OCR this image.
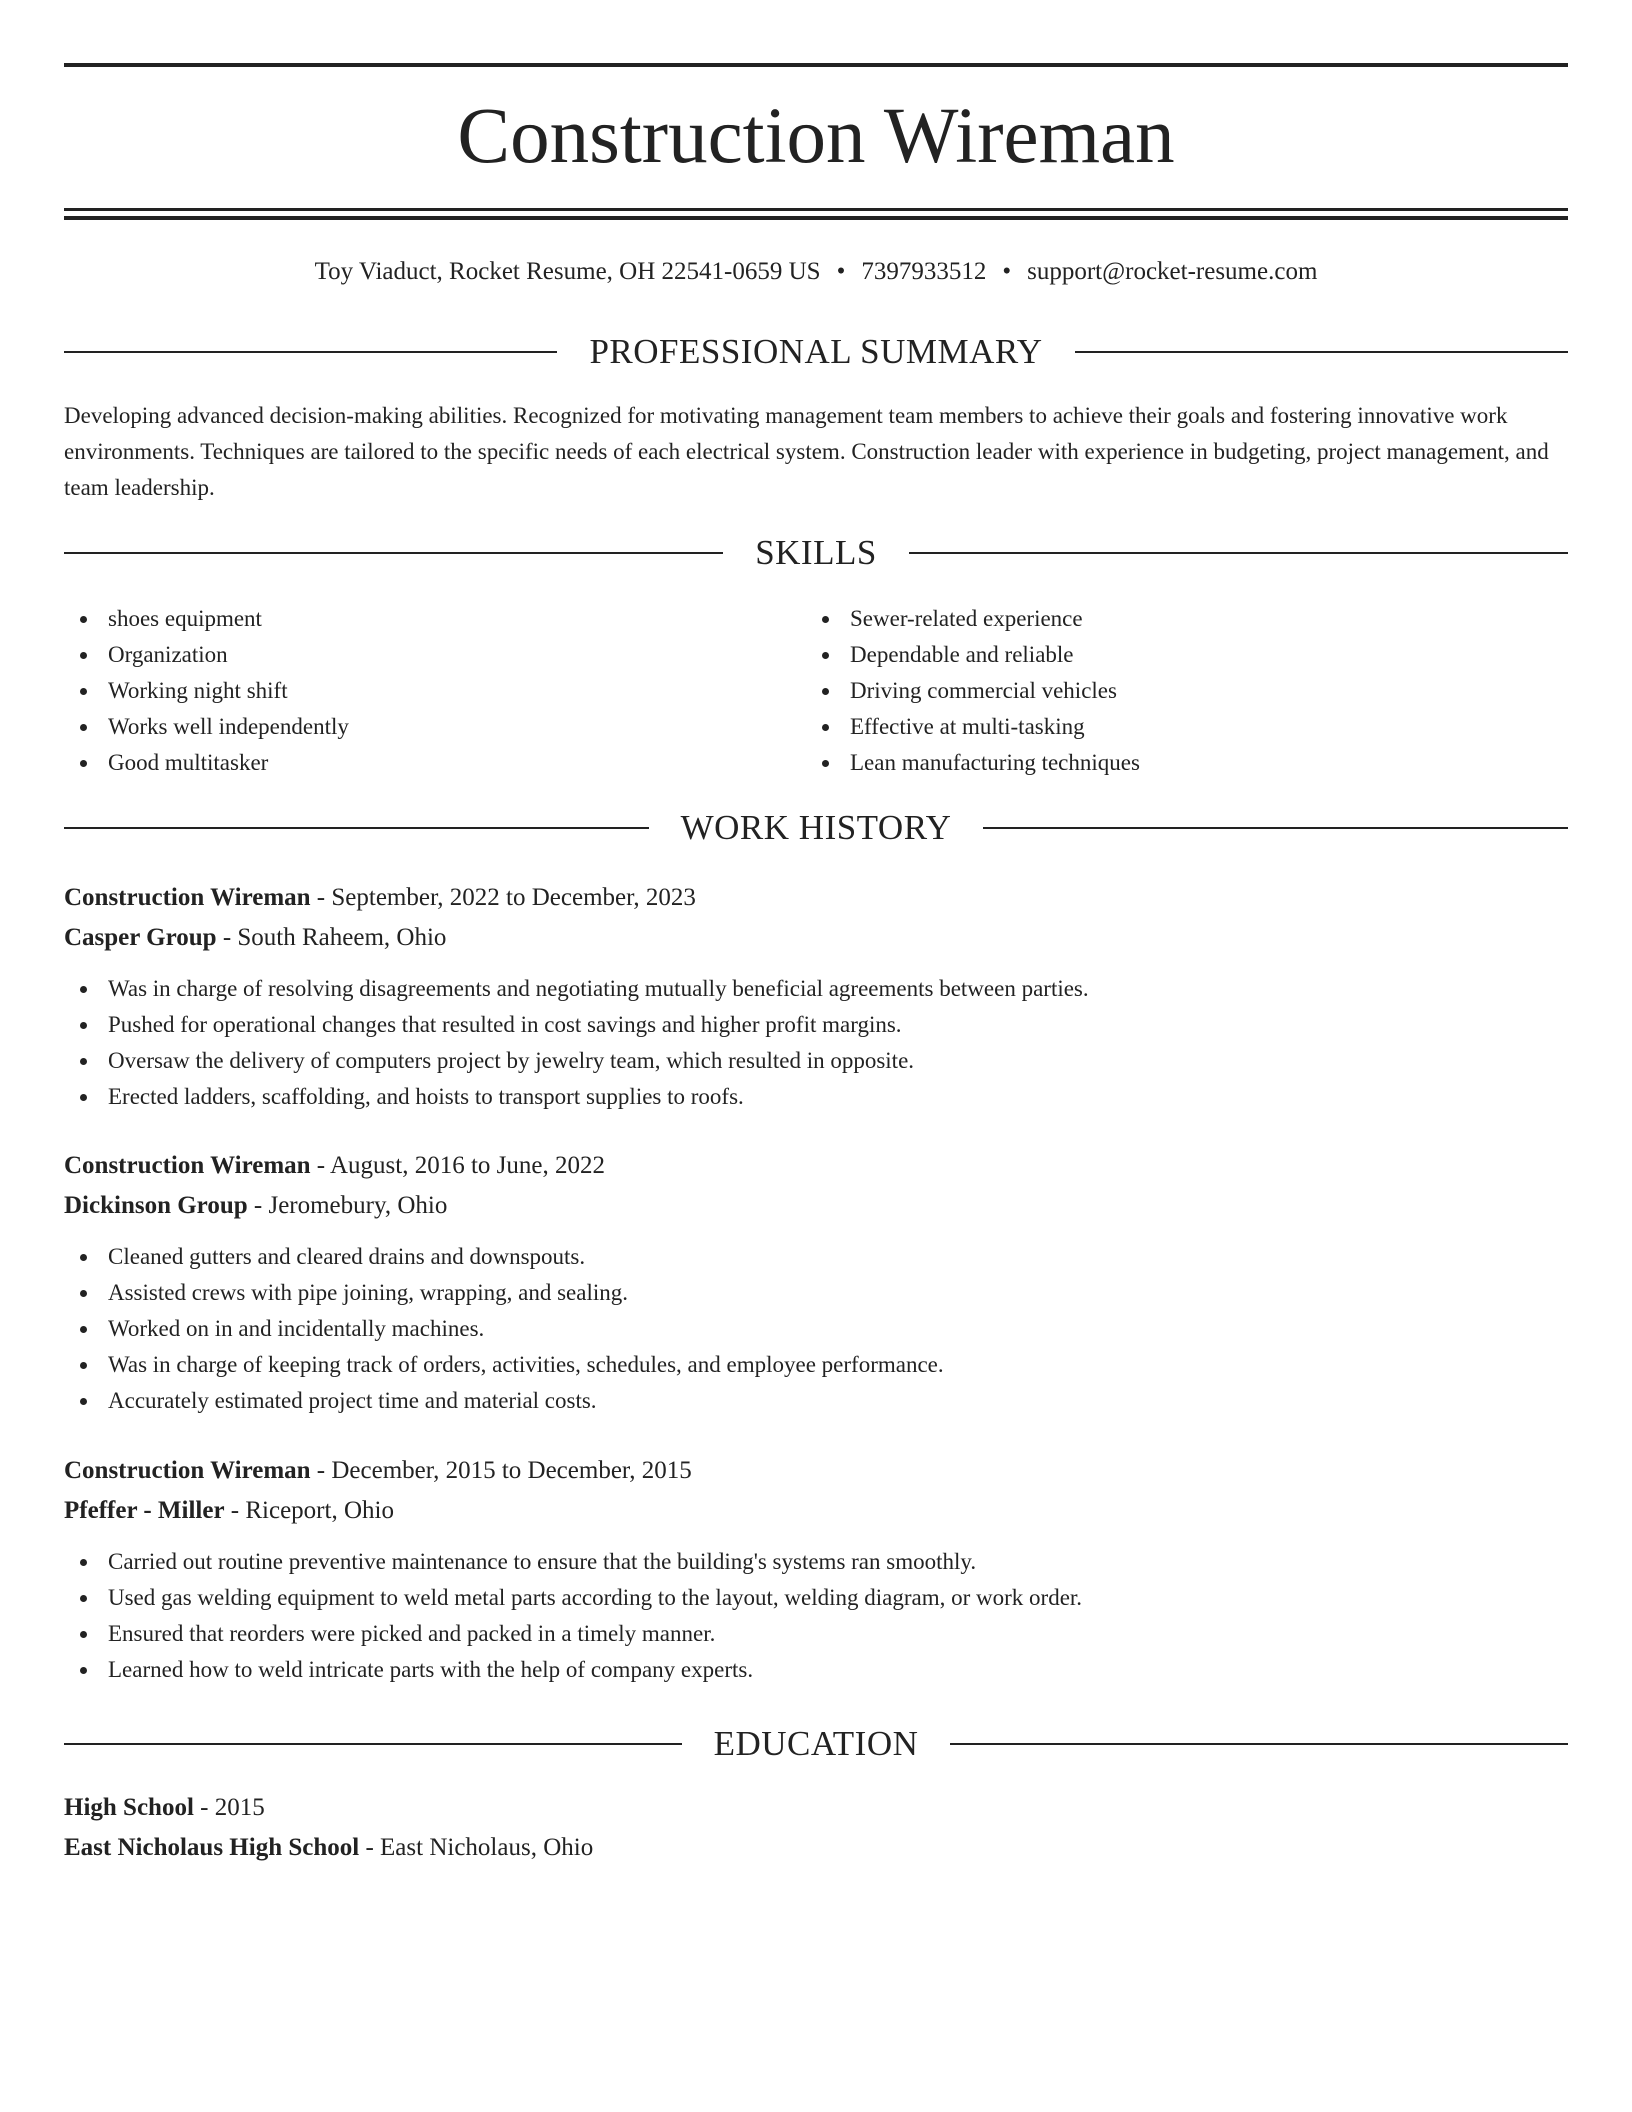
Construction Wireman
Toy Viaduct, Rocket Resume, OH 22541-0659 US • 7397933512 • support@rocket-resume.com
PROFESSIONAL SUMMARY

Developing advanced decision-making abilities. Recognized for motivating management team members to achieve their goals and fostering innovative work environments. Techniques are tailored to the specific needs of each electrical system. Construction leader with experience in budgeting, project management, and team leadership.

SKILLS
shoes equipment
Organization
Working night shift
Works well independently
Good multitasker
Sewer-related experience
Dependable and reliable
Driving commercial vehicles
Effective at multi-tasking
Lean manufacturing techniques
WORK HISTORY
Construction Wireman - September, 2022 to December, 2023
Casper Group - South Raheem, Ohio
Was in charge of resolving disagreements and negotiating mutually beneficial agreements between parties.
Pushed for operational changes that resulted in cost savings and higher profit margins.
Oversaw the delivery of computers project by jewelry team, which resulted in opposite.
Erected ladders, scaffolding, and hoists to transport supplies to roofs.
Construction Wireman - August, 2016 to June, 2022
Dickinson Group - Jeromebury, Ohio
Cleaned gutters and cleared drains and downspouts.
Assisted crews with pipe joining, wrapping, and sealing.
Worked on in and incidentally machines.
Was in charge of keeping track of orders, activities, schedules, and employee performance.
Accurately estimated project time and material costs.
Construction Wireman - December, 2015 to December, 2015
Pfeffer - Miller - Riceport, Ohio
Carried out routine preventive maintenance to ensure that the building's systems ran smoothly.
Used gas welding equipment to weld metal parts according to the layout, welding diagram, or work order.
Ensured that reorders were picked and packed in a timely manner.
Learned how to weld intricate parts with the help of company experts.
EDUCATION
High School - 2015
East Nicholaus High School - East Nicholaus, Ohio
